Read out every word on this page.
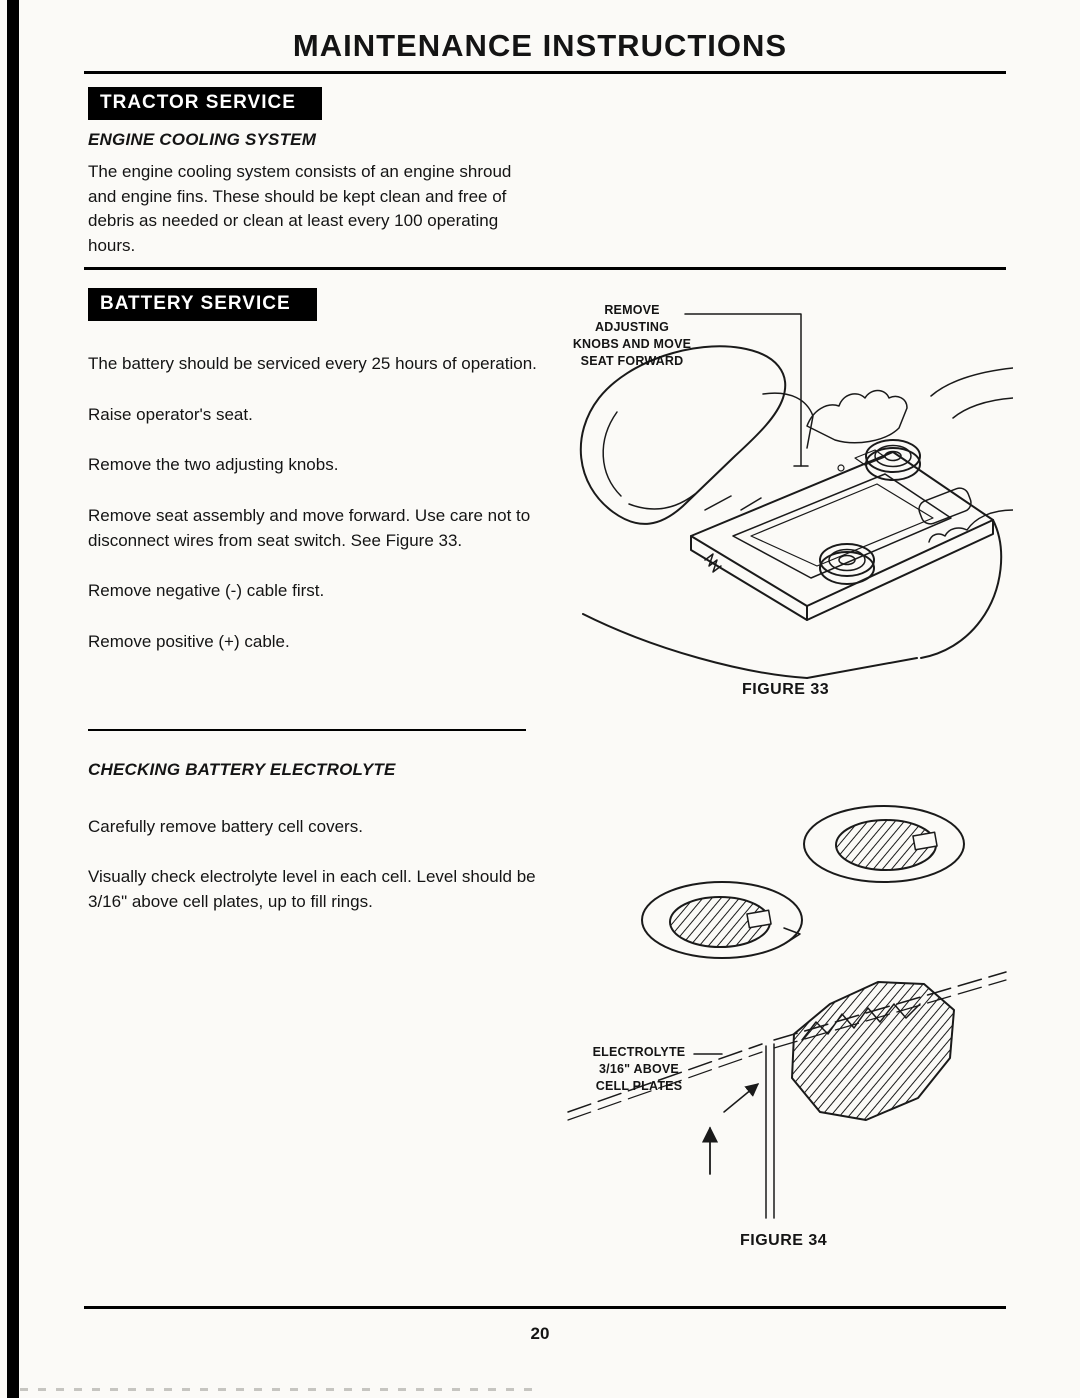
MAINTENANCE INSTRUCTIONS
TRACTOR SERVICE
ENGINE COOLING SYSTEM
The engine cooling system consists of an engine shroud and engine fins. These should be kept clean and free of debris as needed or clean at least every 100 operating hours.
BATTERY SERVICE

The battery should be serviced every 25 hours of operation.

Raise operator's seat.

Remove the two adjusting knobs.

Remove seat assembly and move forward. Use care not to disconnect wires from seat switch. See Figure 33.

Remove negative (-) cable first.

Remove positive (+) cable.

CHECKING BATTERY ELECTROLYTE

Carefully remove battery cell covers.

Visually check electrolyte level in each cell. Level should be 3/16" above cell plates, up to fill rings.

REMOVE ADJUSTING
KNOBS AND MOVE
SEAT FORWARD
FIGURE 33
ELECTROLYTE
3/16" ABOVE
CELL PLATES
FIGURE 34
20
